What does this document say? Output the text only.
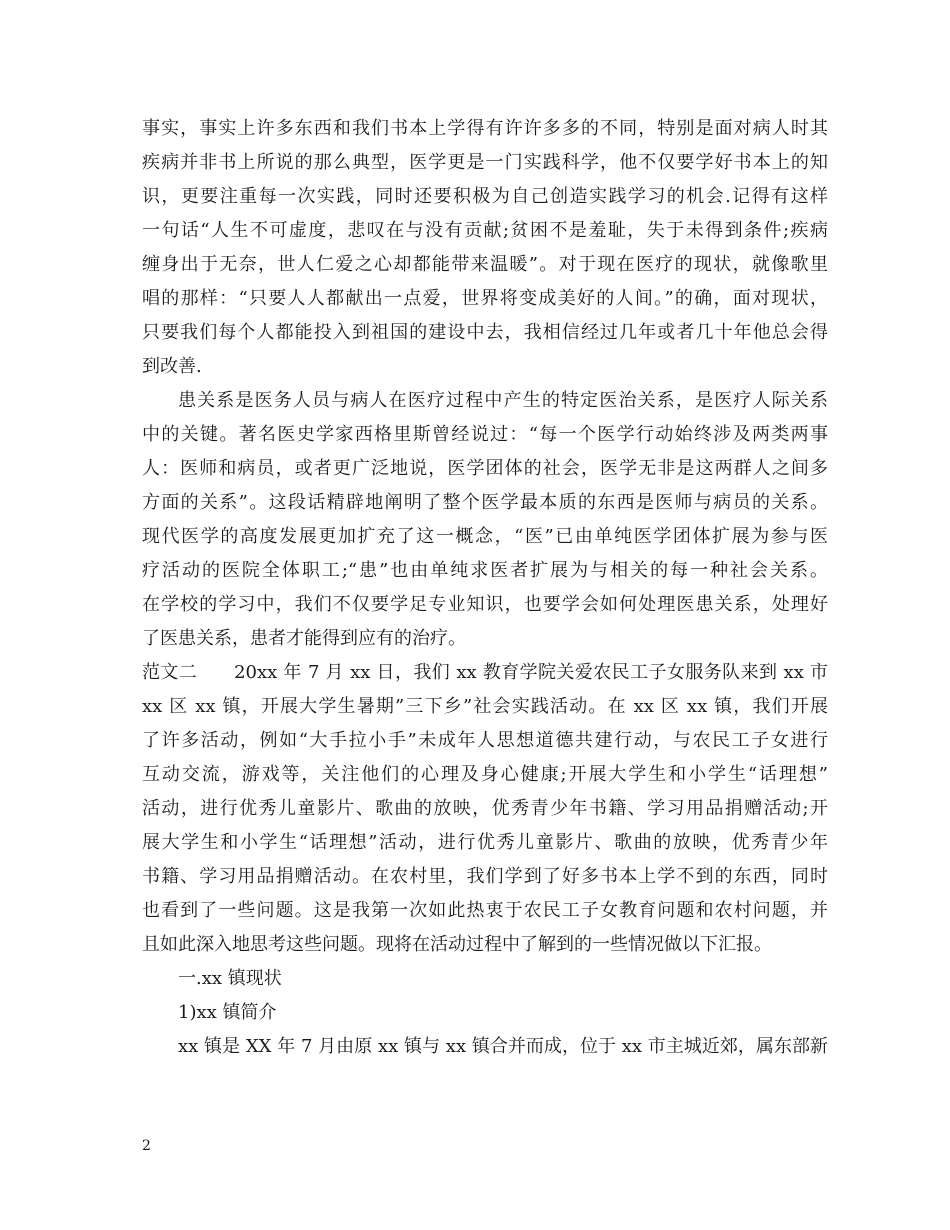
事实，事实上许多东西和我们书本上学得有许许多多的不同，特别是面对病人时其
疾病并非书上所说的那么典型，医学更是一门实践科学，他不仅要学好书本上的知
识，更要注重每一次实践，同时还要积极为自己创造实践学习的机会.记得有这样
一句话“人生不可虚度，悲叹在与没有贡献;贫困不是羞耻，失于未得到条件;疾病
缠身出于无奈，世人仁爱之心却都能带来温暖”。对于现在医疗的现状，就像歌里
唱的那样：“只要人人都献出一点爱，世界将变成美好的人间。”的确，面对现状，
只要我们每个人都能投入到祖国的建设中去，我相信经过几年或者几十年他总会得
到改善.
患关系是医务人员与病人在医疗过程中产生的特定医治关系，是医疗人际关系
中的关键。著名医史学家西格里斯曾经说过：“每一个医学行动始终涉及两类两事
人：医师和病员，或者更广泛地说，医学团体的社会，医学无非是这两群人之间多
方面的关系”。这段话精辟地阐明了整个医学最本质的东西是医师与病员的关系。
现代医学的高度发展更加扩充了这一概念，“医”已由单纯医学团体扩展为参与医
疗活动的医院全体职工;“患”也由单纯求医者扩展为与相关的每一种社会关系。
在学校的学习中，我们不仅要学足专业知识，也要学会如何处理医患关系，处理好
了医患关系，患者才能得到应有的治疗。
范文二　　20xx 年 7 月 xx 日，我们 xx 教育学院关爱农民工子女服务队来到 xx 市
xx 区 xx 镇，开展大学生暑期”三下乡”社会实践活动。在 xx 区 xx 镇，我们开展
了许多活动，例如“大手拉小手”未成年人思想道德共建行动，与农民工子女进行
互动交流，游戏等，关注他们的心理及身心健康;开展大学生和小学生“话理想”
活动，进行优秀儿童影片、歌曲的放映，优秀青少年书籍、学习用品捐赠活动;开
展大学生和小学生“话理想”活动，进行优秀儿童影片、歌曲的放映，优秀青少年
书籍、学习用品捐赠活动。在农村里，我们学到了好多书本上学不到的东西，同时
也看到了一些问题。这是我第一次如此热衷于农民工子女教育问题和农村问题，并
且如此深入地思考这些问题。现将在活动过程中了解到的一些情况做以下汇报。
一.xx 镇现状
1)xx 镇简介
xx 镇是 XX 年 7 月由原 xx 镇与 xx 镇合并而成，位于 xx 市主城近郊，属东部新
2
